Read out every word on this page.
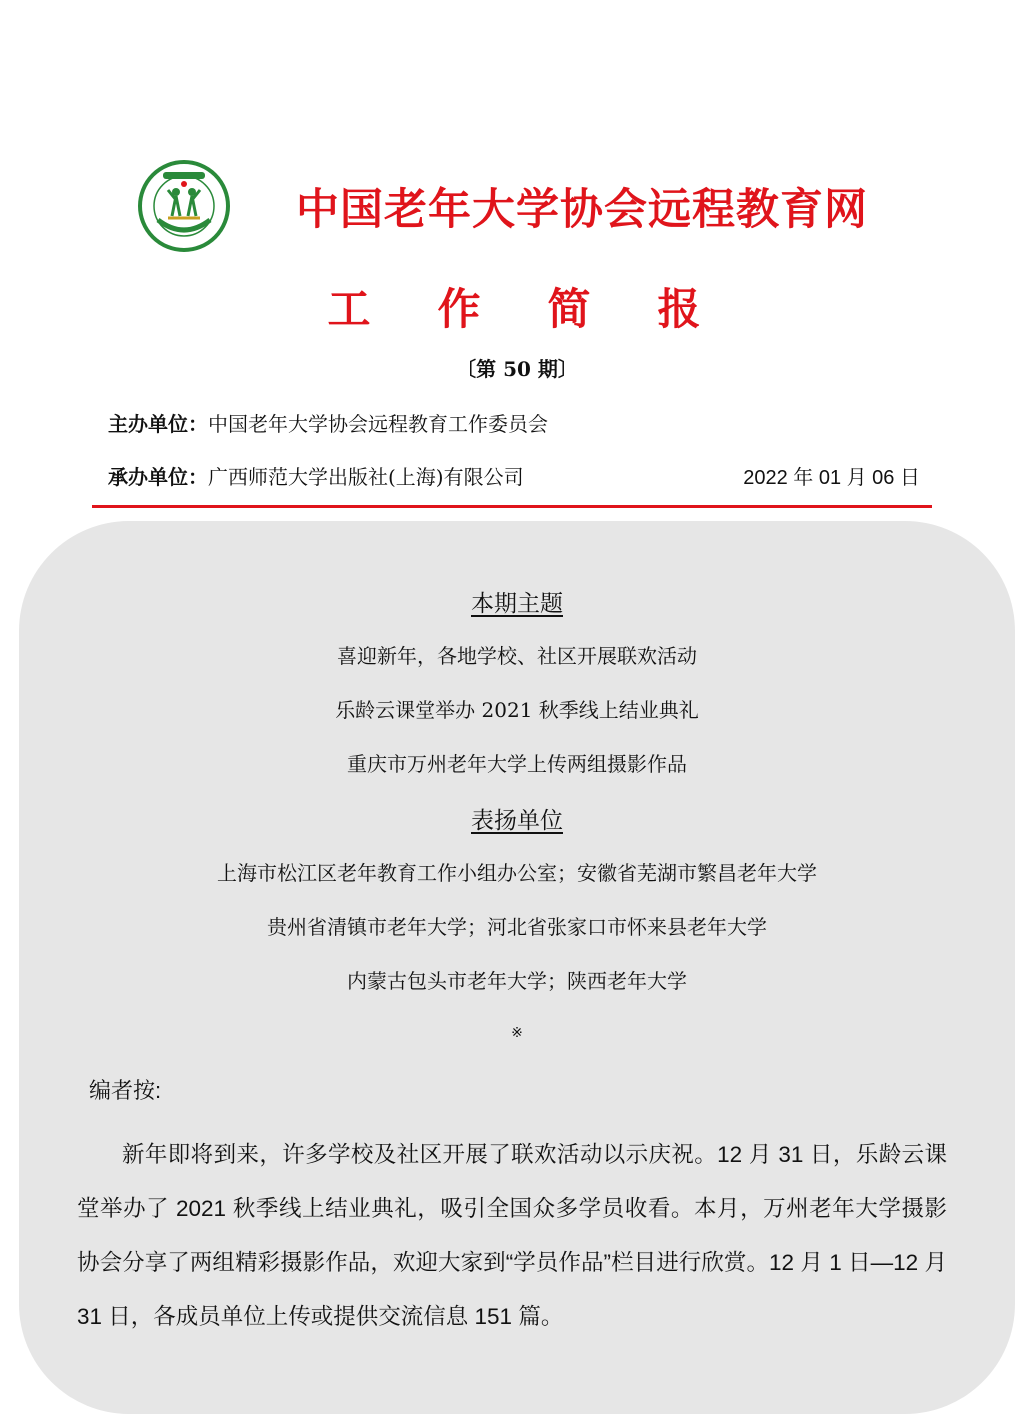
中国老年大学协会远程教育网
工 作 简 报
〔第 50 期〕
主办单位：中国老年大学协会远程教育工作委员会
承办单位：广西师范大学出版社(上海)有限公司	2022 年 01 月 06 日
本期主题
喜迎新年，各地学校、社区开展联欢活动
乐龄云课堂举办 2021 秋季线上结业典礼
重庆市万州老年大学上传两组摄影作品
表扬单位
上海市松江区老年教育工作小组办公室；安徽省芜湖市繁昌老年大学
贵州省清镇市老年大学；河北省张家口市怀来县老年大学
内蒙古包头市老年大学；陕西老年大学
※
编者按:
新年即将到来，许多学校及社区开展了联欢活动以示庆祝。12 月 31 日，乐龄云课堂举办了 2021 秋季线上结业典礼，吸引全国众多学员收看。本月，万州老年大学摄影协会分享了两组精彩摄影作品，欢迎大家到“学员作品”栏目进行欣赏。12 月 1 日—12 月 31 日，各成员单位上传或提供交流信息 151 篇。
